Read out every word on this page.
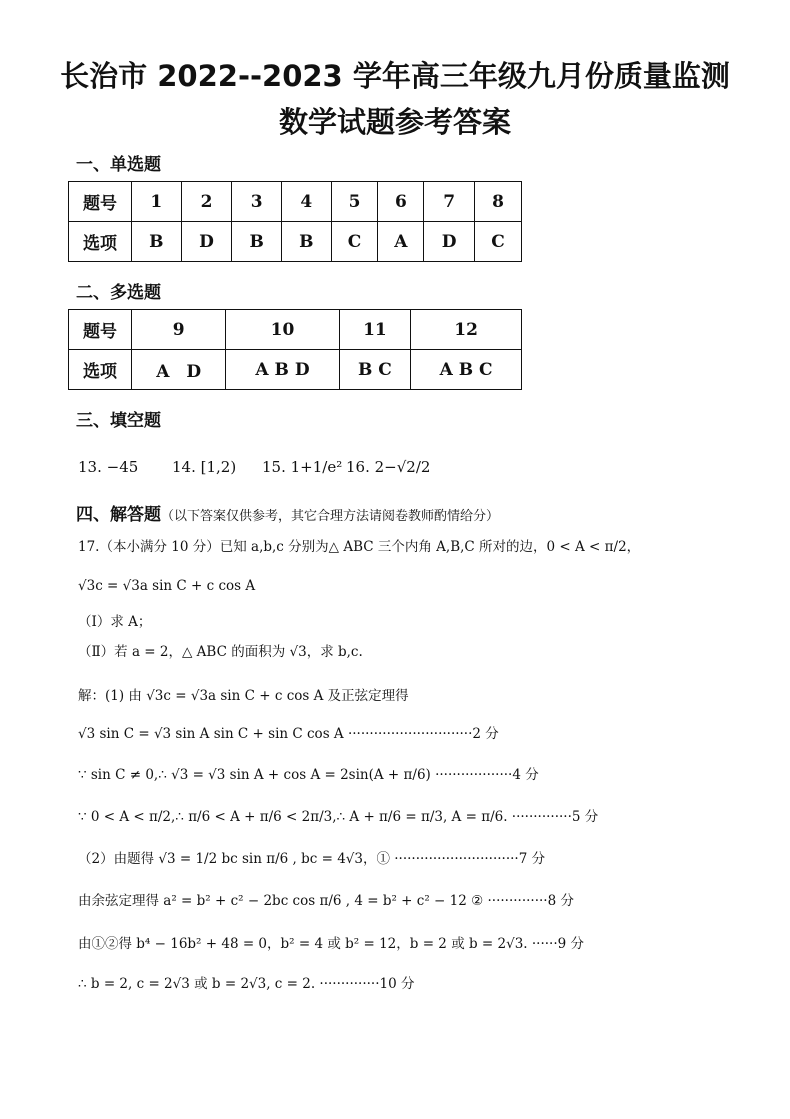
长治市 2022--2023 学年高三年级九月份质量监测
数学试题参考答案
一、单选题
题号	1	2	3	4	5	6	7	8
选项	B	D	B	B	C	A	D	C
二、多选题
题号	9	10	11	12
选项	A　D	A B D	B C	A B C
三、填空题
13. −45 14. [1,2) 15. 1+1/e² 16. 2−√2/2
四、解答题（以下答案仅供参考，其它合理方法请阅卷教师酌情给分）
17.（本小满分 10 分）已知 a,b,c 分别为△ ABC 三个内角 A,B,C 所对的边，0 < A < π/2，
√3c = √3a sin C + c cos A
（Ⅰ）求 A；
（Ⅱ）若 a = 2，△ ABC 的面积为 √3，求 b,c.
解：(1) 由 √3c = √3a sin C + c cos A 及正弦定理得
√3 sin C = √3 sin A sin C + sin C cos A ·····························2 分
∵ sin C ≠ 0,∴ √3 = √3 sin A + cos A = 2sin(A + π/6) ··················4 分
∵ 0 < A < π/2,∴ π/6 < A + π/6 < 2π/3,∴ A + π/6 = π/3, A = π/6. ··············5 分
（2）由题得 √3 = 1/2 bc sin π/6 , bc = 4√3，① ·····························7 分
由余弦定理得 a² = b² + c² − 2bc cos π/6 , 4 = b² + c² − 12 ② ··············8 分
由①②得 b⁴ − 16b² + 48 = 0，b² = 4 或 b² = 12，b = 2 或 b = 2√3. ······9 分
∴ b = 2, c = 2√3 或 b = 2√3, c = 2. ··············10 分
